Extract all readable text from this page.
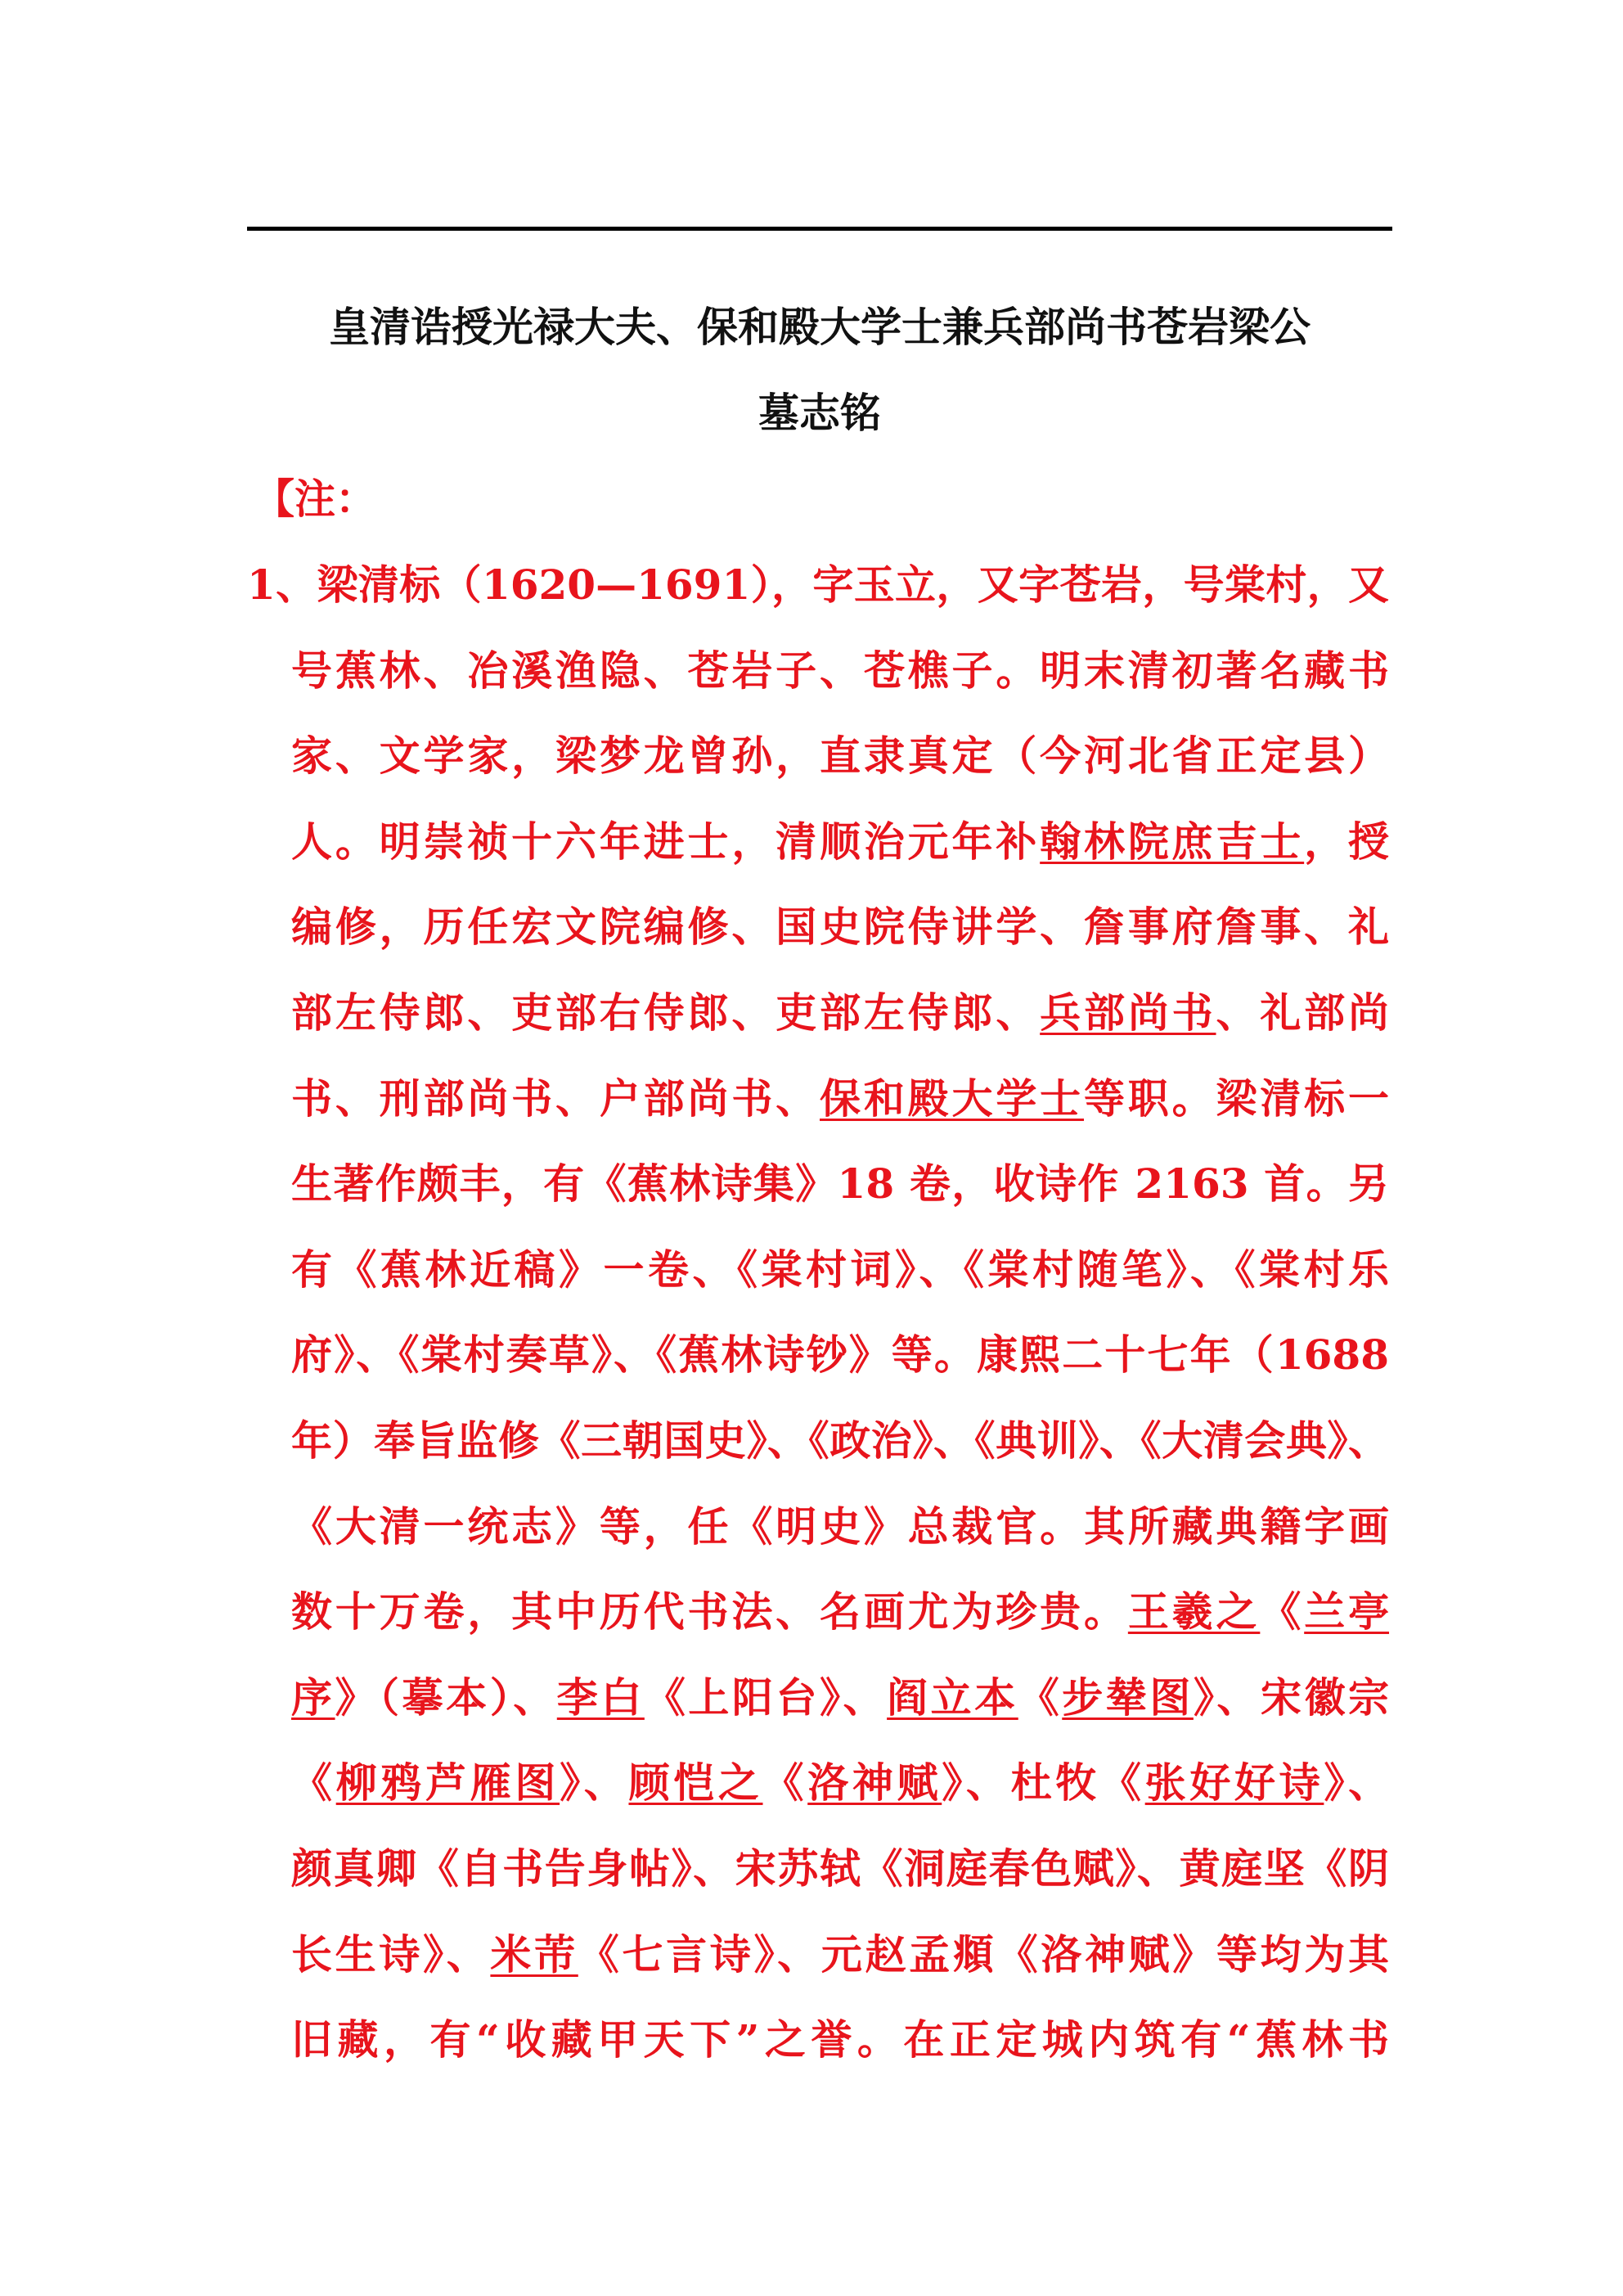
皇清诰授光禄大夫、保和殿大学士兼兵部尚书苍岩梁公
墓志铭
【注：
1、梁清标（1620—1691），字玉立，又字苍岩，号棠村，又
号蕉林、冶溪渔隐、苍岩子、苍樵子。明末清初著名藏书
家、文学家，梁梦龙曾孙，直隶真定（今河北省正定县）
人。明崇祯十六年进士，清顺治元年补翰林院庶吉士，授
编修，历任宏文院编修、国史院侍讲学、詹事府詹事、礼
部左侍郎、吏部右侍郎、吏部左侍郎、兵部尚书、礼部尚
书、刑部尚书、户部尚书、保和殿大学士等职。梁清标一
生著作颇丰，有《蕉林诗集》18 卷，收诗作 2163 首。另
有《蕉林近稿》一卷、《棠村词》、《棠村随笔》、《棠村乐
府》、《棠村奏草》、《蕉林诗钞》等。康熙二十七年（1688
年）奉旨监修《三朝国史》、《政治》、《典训》、《大清会典》、
《大清一统志》等，任《明史》总裁官。其所藏典籍字画
数十万卷，其中历代书法、名画尤为珍贵。王羲之《兰亭
序》（摹本）、李白《上阳台》、阎立本《步辇图》、宋徽宗
《柳鸦芦雁图》、顾恺之《洛神赋》、杜牧《张好好诗》、
颜真卿《自书告身帖》、宋苏轼《洞庭春色赋》、黄庭坚《阴
长生诗》、米芾《七言诗》、元赵孟頫《洛神赋》等均为其
旧藏，有“收藏甲天下”之誉。在正定城内筑有“蕉林书
